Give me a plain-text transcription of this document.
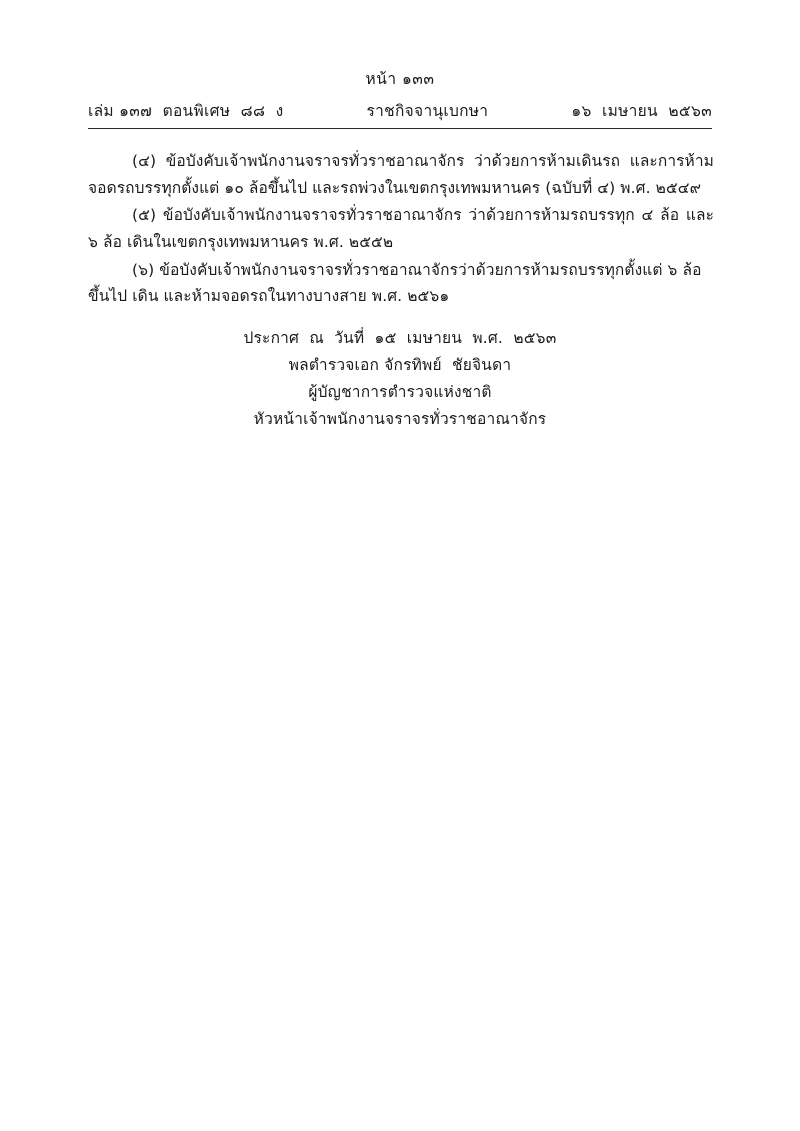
หน้า ๑๓๓
เล่ม ๑๓๗  ตอนพิเศษ  ๘๘  ง	ราชกิจจานุเบกษา	๑๖  เมษายน  ๒๕๖๓

(๔) ข้อบังคับเจ้าพนักงานจราจรทั่วราชอาณาจักร ว่าด้วยการห้ามเดินรถ และการห้ามจอดรถบรรทุกตั้งแต่ ๑๐ ล้อขึ้นไป และรถพ่วงในเขตกรุงเทพมหานคร (ฉบับที่ ๔) พ.ศ. ๒๕๔๙

(๕) ข้อบังคับเจ้าพนักงานจราจรทั่วราชอาณาจักร ว่าด้วยการห้ามรถบรรทุก ๔ ล้อ และ ๖ ล้อ เดินในเขตกรุงเทพมหานคร พ.ศ. ๒๕๕๒

(๖) ข้อบังคับเจ้าพนักงานจราจรทั่วราชอาณาจักรว่าด้วยการห้ามรถบรรทุกตั้งแต่ ๖ ล้อขึ้นไป เดิน และห้ามจอดรถในทางบางสาย พ.ศ. ๒๕๖๑

ประกาศ  ณ  วันที่  ๑๕  เมษายน  พ.ศ.  ๒๕๖๓
พลตำรวจเอก จักรทิพย์  ชัยจินดา
ผู้บัญชาการตำรวจแห่งชาติ
หัวหน้าเจ้าพนักงานจราจรทั่วราชอาณาจักร
